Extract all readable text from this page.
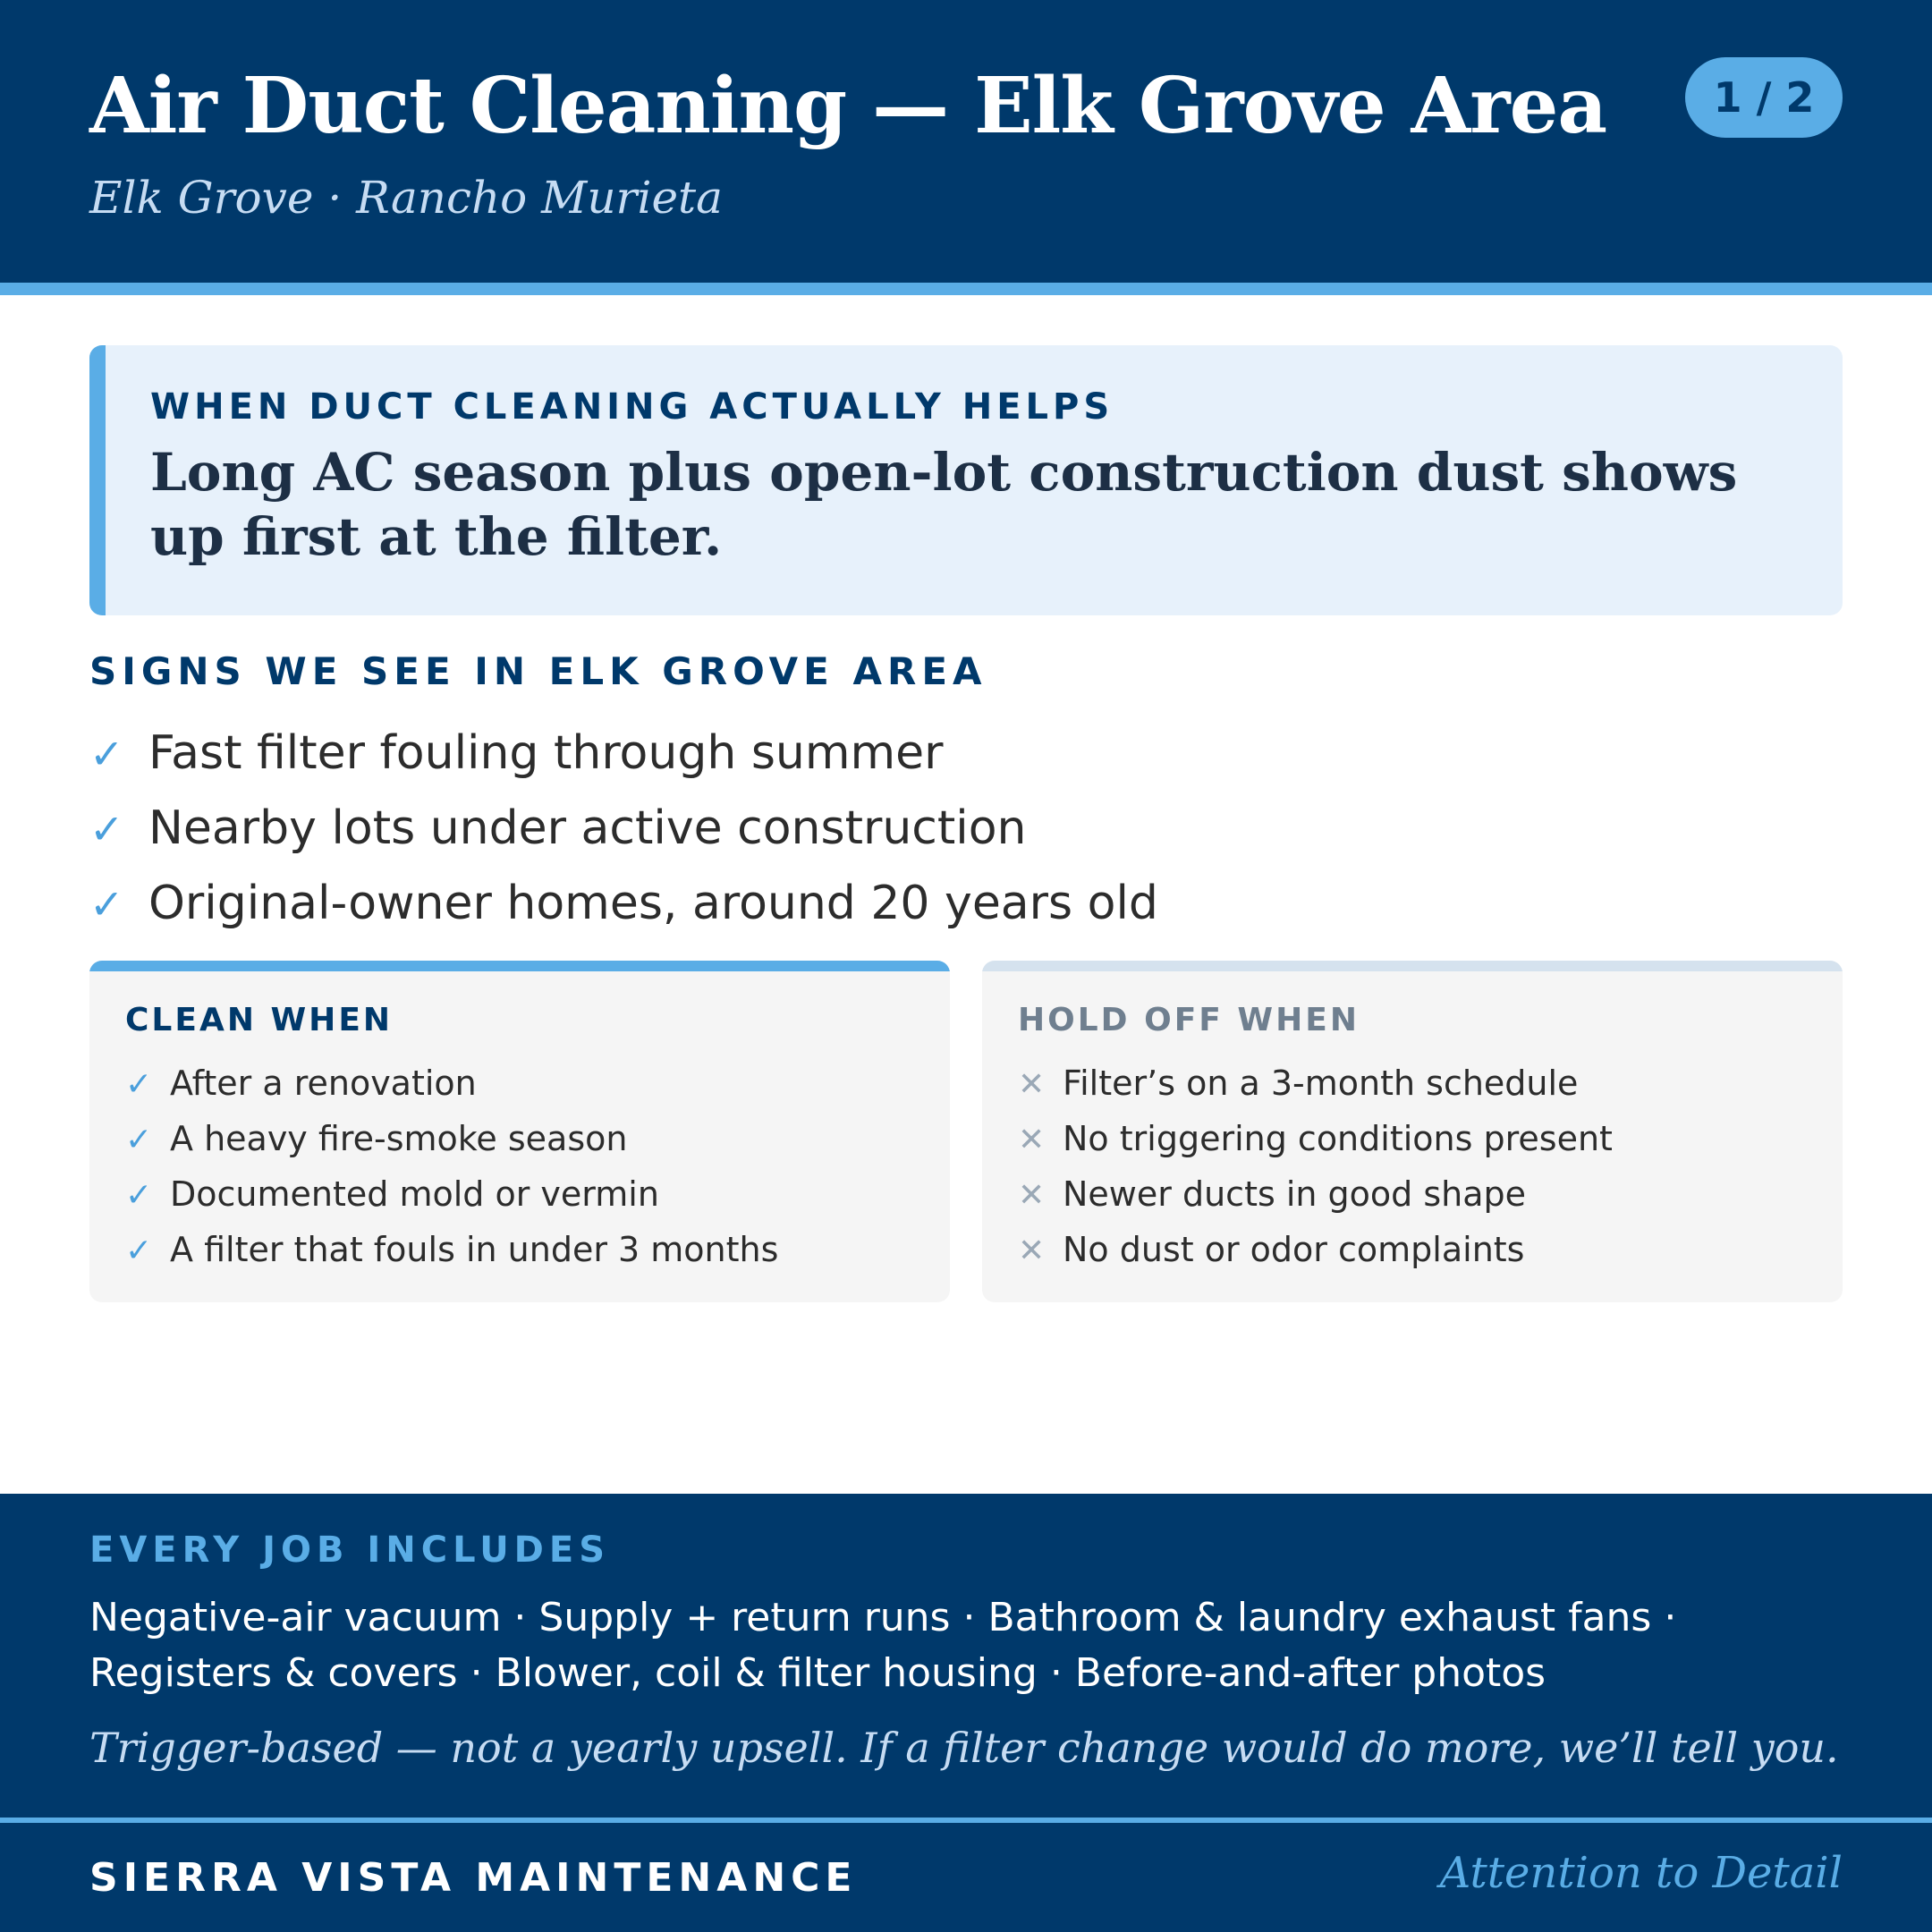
Air Duct Cleaning — Elk Grove Area
Elk Grove · Rancho Murieta
1 / 2
WHEN DUCT CLEANING ACTUALLY HELPS
Long AC season plus open-lot construction dust shows up first at the filter.
SIGNS WE SEE IN ELK GROVE AREA
✓ Fast filter fouling through summer
✓ Nearby lots under active construction
✓ Original-owner homes, around 20 years old
CLEAN WHEN
✓ After a renovation
✓ A heavy fire-smoke season
✓ Documented mold or vermin
✓ A filter that fouls in under 3 months
HOLD OFF WHEN
✕ Filter’s on a 3-month schedule
✕ No triggering conditions present
✕ Newer ducts in good shape
✕ No dust or odor complaints
EVERY JOB INCLUDES
Negative-air vacuum · Supply + return runs · Bathroom & laundry exhaust fans · Registers & covers · Blower, coil & filter housing · Before-and-after photos
Trigger-based — not a yearly upsell. If a filter change would do more, we’ll tell you.
SIERRA VISTA MAINTENANCE	Attention to Detail
